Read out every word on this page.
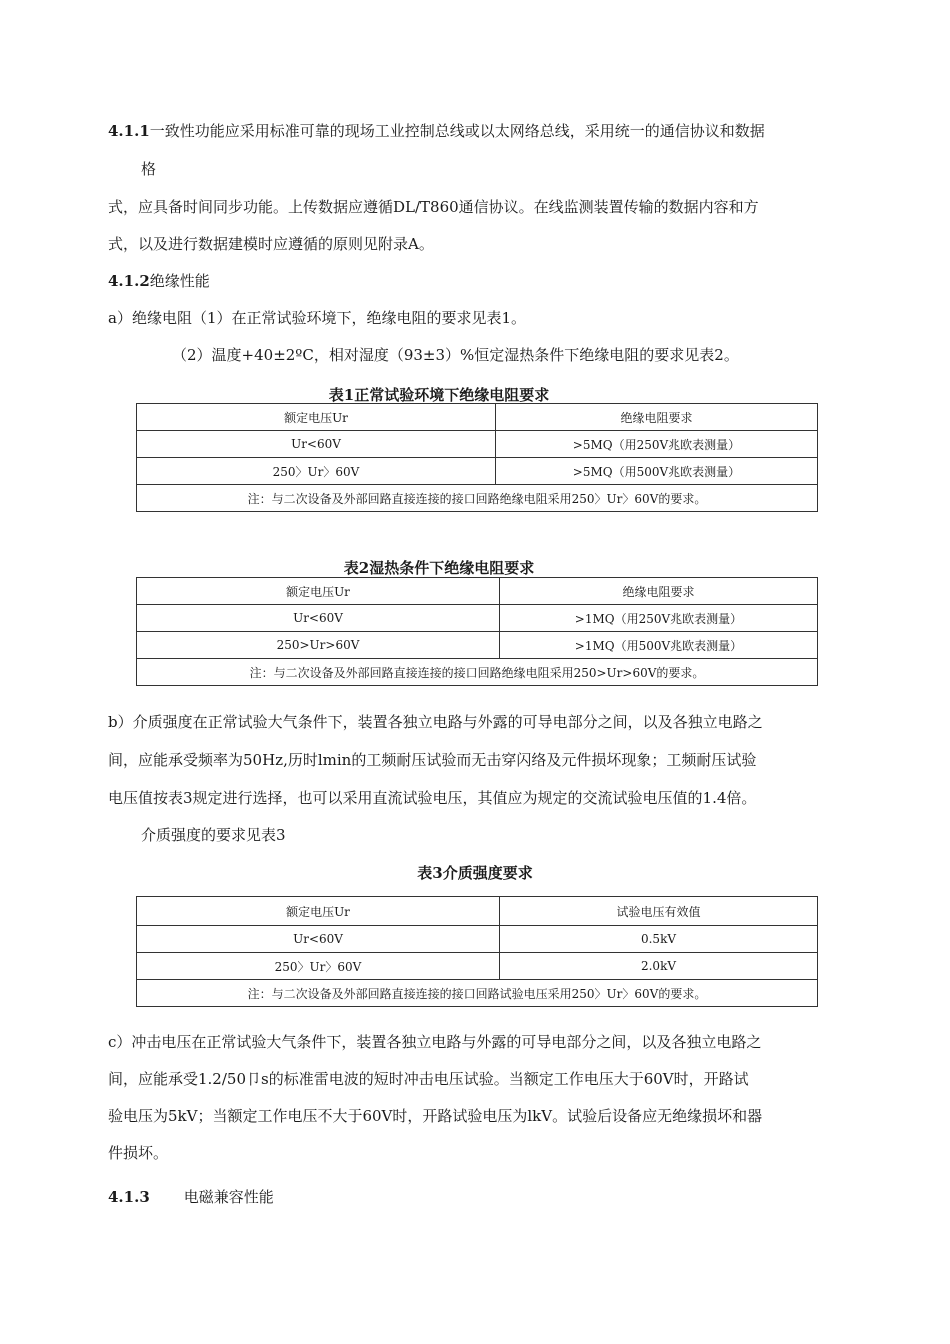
4.1.1一致性功能应采用标准可靠的现场工业控制总线或以太网络总线，采用统一的通信协议和数据
格
式，应具备时间同步功能。上传数据应遵循DL/T860通信协议。在线监测装置传输的数据内容和方
式，以及进行数据建模时应遵循的原则见附录A。
4.1.2绝缘性能
a）绝缘电阻（1）在正常试验环境下，绝缘电阻的要求见表1。
（2）温度+40±2ºC，相对湿度（93±3）%恒定湿热条件下绝缘电阻的要求见表2。
表1正常试验环境下绝缘电阻要求
额定电压Ur	绝缘电阻要求
Ur<60V	>5MQ（用250V兆欧表测量）
250〉Ur〉60V	>5MQ（用500V兆欧表测量）
注：与二次设备及外部回路直接连接的接口回路绝缘电阻采用250〉Ur〉60V的要求。	
表2湿热条件下绝缘电阻要求
额定电压Ur	绝缘电阻要求
Ur<60V	>1MQ（用250V兆欧表测量）
250>Ur>60V	>1MQ（用500V兆欧表测量）
注：与二次设备及外部回路直接连接的接口回路绝缘电阻采用250>Ur>60V的要求。	
b）介质强度在正常试验大气条件下，装置各独立电路与外露的可导电部分之间，以及各独立电路之
间，应能承受频率为50Hz,历时lmin的工频耐压试验而无击穿闪络及元件损坏现象；工频耐压试验
电压值按表3规定进行选择，也可以采用直流试验电压，其值应为规定的交流试验电压值的1.4倍。
介质强度的要求见表3
表3介质强度要求
额定电压Ur	试验电压有效值
Ur<60V	0.5kV
250〉Ur〉60V	2.0kV
注：与二次设备及外部回路直接连接的接口回路试验电压采用250〉Ur〉60V的要求。	
c）冲击电压在正常试验大气条件下，装置各独立电路与外露的可导电部分之间，以及各独立电路之
间，应能承受1.2/50卩s的标准雷电波的短时冲击电压试验。当额定工作电压大于60V时，开路试
验电压为5kV；当额定工作电压不大于60V时，开路试验电压为lkV。试验后设备应无绝缘损坏和器
件损坏。
4.1.3 电磁兼容性能
